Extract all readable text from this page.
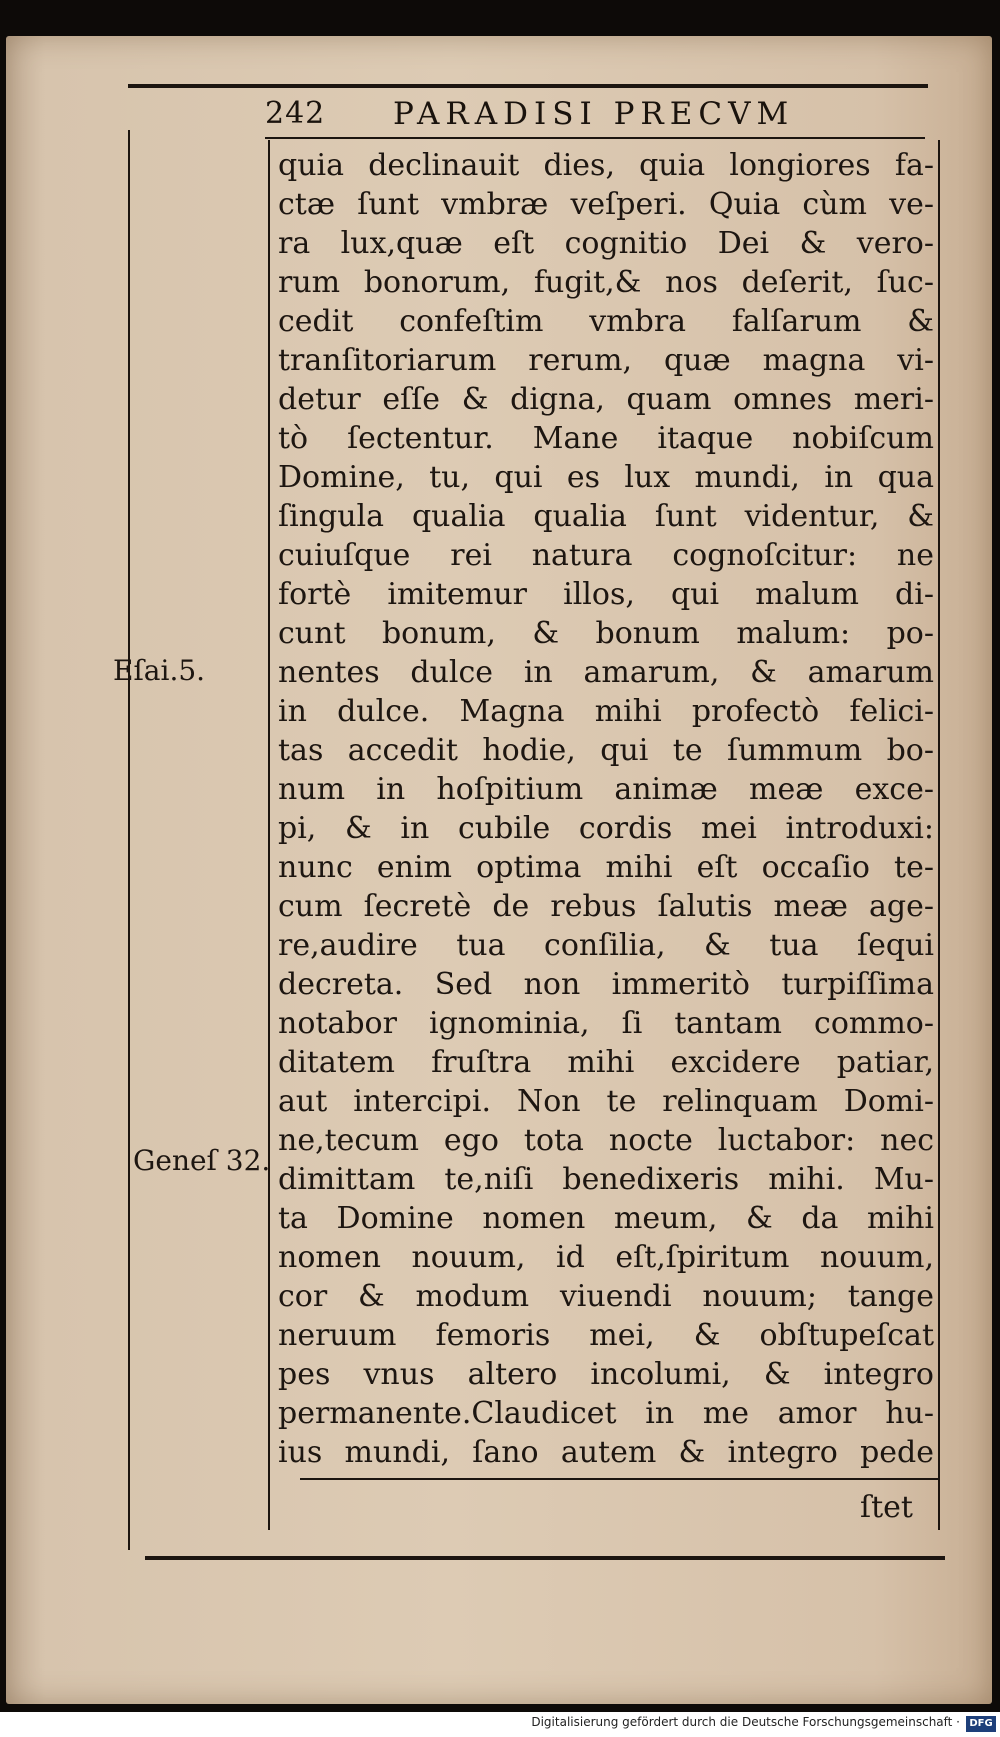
242 PARADISI PRECVM
Eſai.5.
Geneſ 32.
quia declinauit dies, quia longiores fa-
ctæ ſunt vmbræ veſperi. Quia cùm ve-
ra lux,quæ eſt cognitio Dei & vero-
rum bonorum, fugit,& nos deſerit, ſuc-
cedit confeſtim vmbra falſarum &
tranſitoriarum rerum, quæ magna vi-
detur eſſe & digna, quam omnes meri-
tò ſectentur. Mane itaque nobiſcum
Domine, tu, qui es lux mundi, in qua
ſingula qualia qualia ſunt videntur, &
cuiuſque rei natura cognoſcitur: ne
fortè imitemur illos, qui malum di-
cunt bonum, & bonum malum: po-
nentes dulce in amarum, & amarum
in dulce. Magna mihi profectò felici-
tas accedit hodie, qui te ſummum bo-
num in hoſpitium animæ meæ exce-
pi, & in cubile cordis mei introduxi:
nunc enim optima mihi eſt occaſio te-
cum ſecretè de rebus ſalutis meæ age-
re,audire tua conſilia, & tua ſequi
decreta. Sed non immeritò turpiſſima
notabor ignominia, ſi tantam commo-
ditatem fruſtra mihi excidere patiar,
aut intercipi. Non te relinquam Domi-
ne,tecum ego tota nocte luctabor: nec
dimittam te,niſi benedixeris mihi. Mu-
ta Domine nomen meum, & da mihi
nomen nouum, id eſt,ſpiritum nouum,
cor & modum viuendi nouum; tange
neruum femoris mei, & obſtupeſcat
pes vnus altero incolumi, & integro
permanente.Claudicet in me amor hu-
ius mundi, ſano autem & integro pede
ſtet
Digitalisierung gefördert durch die Deutsche Forschungsgemeinschaft · DFG
